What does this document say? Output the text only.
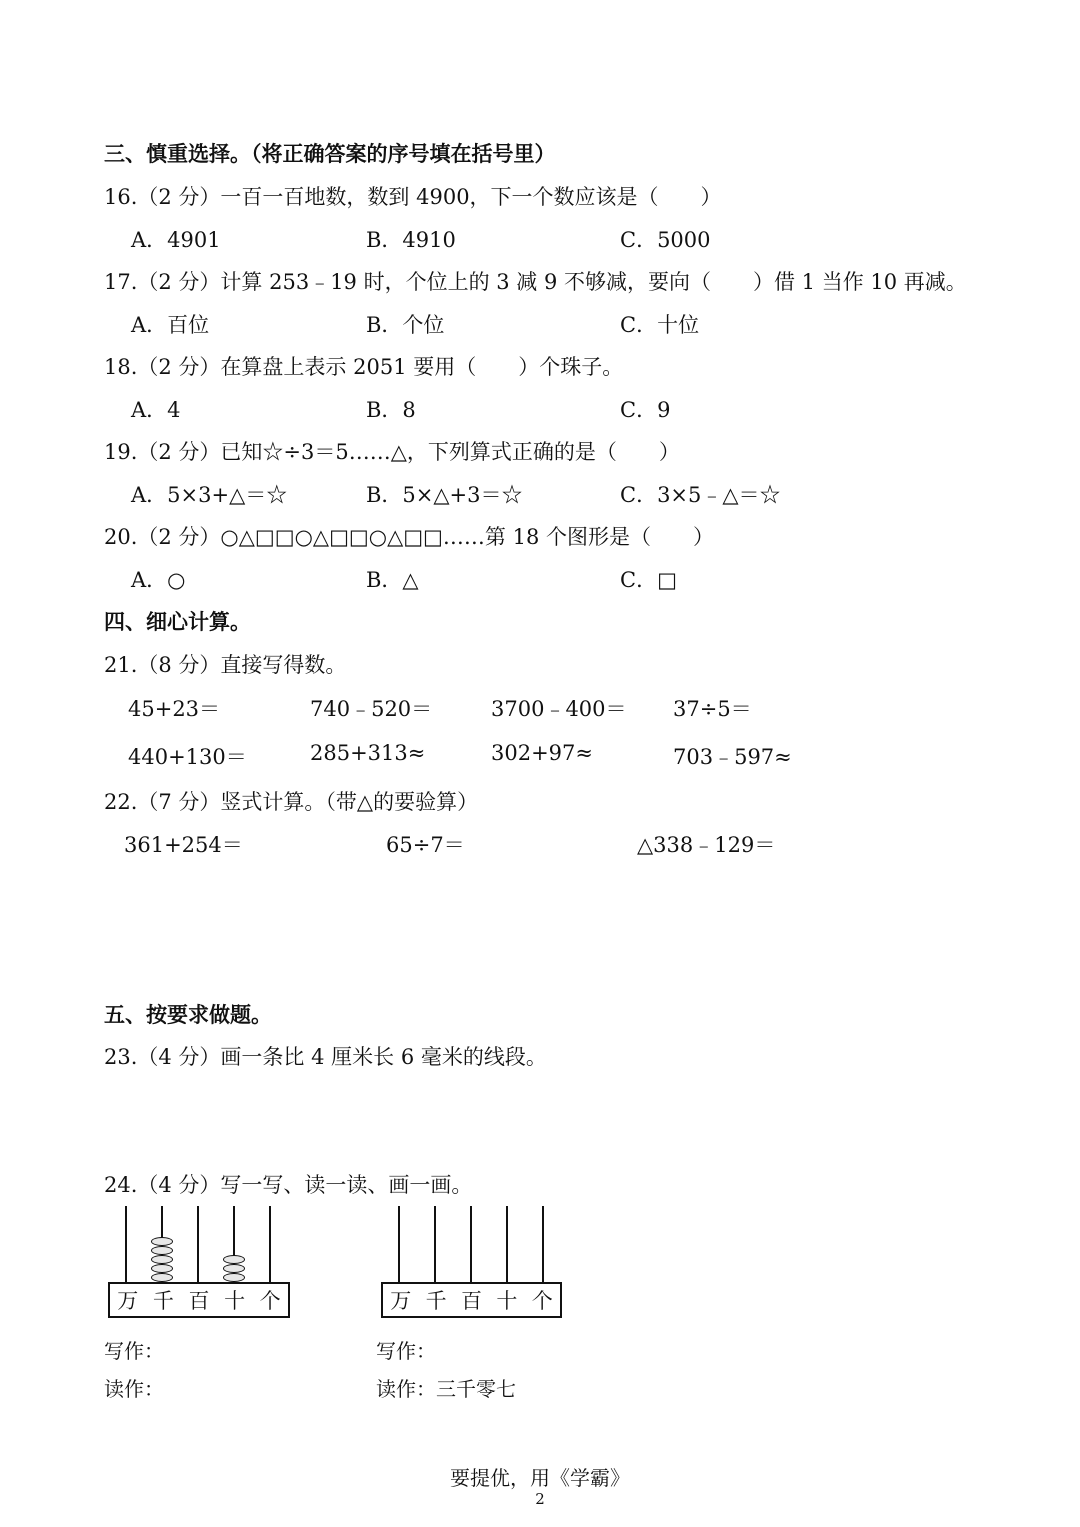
三、慎重选择。（将正确答案的序号填在括号里）
16.（2 分）一百一百地数，数到 4900，下一个数应该是（　　）
A．4901	B．4910	C．5000
17.（2 分）计算 253﹣19 时，个位上的 3 减 9 不够减，要向（　　）借 1 当作 10 再减。
A．百位	B．个位	C．十位
18.（2 分）在算盘上表示 2051 要用（　　）个珠子。
A．4	B．8	C．9
19.（2 分）已知☆÷3＝5……△，下列算式正确的是（　　）
A．5×3+△＝☆	B．5×△+3＝☆	C．3×5﹣△＝☆
20.（2 分）○△□□○△□□○△□□……第 18 个图形是（　　）
A．○	B．△	C．□
四、细心计算。
21.（8 分）直接写得数。
45+23＝	740﹣520＝	3700﹣400＝ 37÷5＝
440+130＝	285+313≈	302+97≈	703﹣597≈
22.（7 分）竖式计算。（带△的要验算）
361+254＝	65÷7＝	△338﹣129＝
五、按要求做题。
23.（4 分）画一条比 4 厘米长 6 毫米的线段。
24.（4 分）写一写、读一读、画一画。
万 千 百 十 个	万 千 百 十 个
写作：
读作：
写作：
读作：三千零七
要提优，用《学霸》
2
